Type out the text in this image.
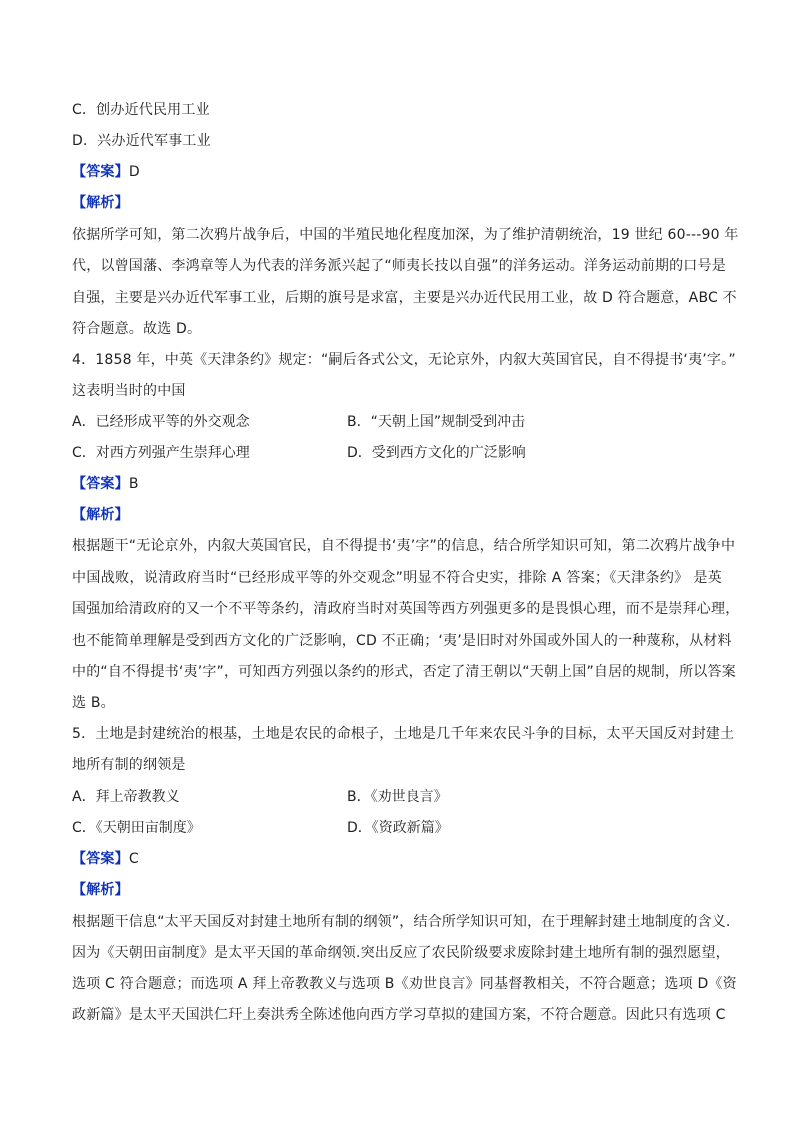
C．创办近代民用工业
D．兴办近代军事工业
【答案】D
【解析】
依据所学可知，第二次鸦片战争后，中国的半殖民地化程度加深，为了维护清朝统治，19 世纪 60---90 年
代，以曾国藩、李鸿章等人为代表的洋务派兴起了“师夷长技以自强”的洋务运动。洋务运动前期的口号是
自强，主要是兴办近代军事工业，后期的旗号是求富，主要是兴办近代民用工业，故 D 符合题意，ABC 不
符合题意。故选 D。
4．1858 年，中英《天津条约》规定：“嗣后各式公文，无论京外，内叙大英国官民，自不得提书‘夷’字。”
这表明当时的中国
A．已经形成平等的外交观念	B．“天朝上国”规制受到冲击
C．对西方列强产生崇拜心理	D．受到西方文化的广泛影响
【答案】B
【解析】
根据题干“无论京外，内叙大英国官民，自不得提书‘夷’字”的信息，结合所学知识可知，第二次鸦片战争中
中国战败，说清政府当时“已经形成平等的外交观念”明显不符合史实，排除 A 答案；《天津条约》 是英
国强加给清政府的又一个不平等条约，清政府当时对英国等西方列强更多的是畏惧心理，而不是崇拜心理，
也不能简单理解是受到西方文化的广泛影响，CD 不正确；‘夷’是旧时对外国或外国人的一种蔑称，从材料
中的“自不得提书‘夷’字”，可知西方列强以条约的形式，否定了清王朝以“天朝上国”自居的规制，所以答案
选 B。
5．土地是封建统治的根基，土地是农民的命根子，土地是几千年来农民斗争的目标，太平天国反对封建土
地所有制的纲领是
A．拜上帝教教义	B．《劝世良言》
C．《天朝田亩制度》	D．《资政新篇》
【答案】C
【解析】
根据题干信息“太平天国反对封建土地所有制的纲领”，结合所学知识可知，在于理解封建土地制度的含义.
因为《天朝田亩制度》是太平天国的革命纲领.突出反应了农民阶级要求废除封建土地所有制的强烈愿望，
选项 C 符合题意；而选项 A 拜上帝教教义与选项 B《劝世良言》同基督教相关，不符合题意；选项 D《资
政新篇》是太平天国洪仁玕上奏洪秀全陈述他向西方学习草拟的建国方案，不符合题意。因此只有选项 C
